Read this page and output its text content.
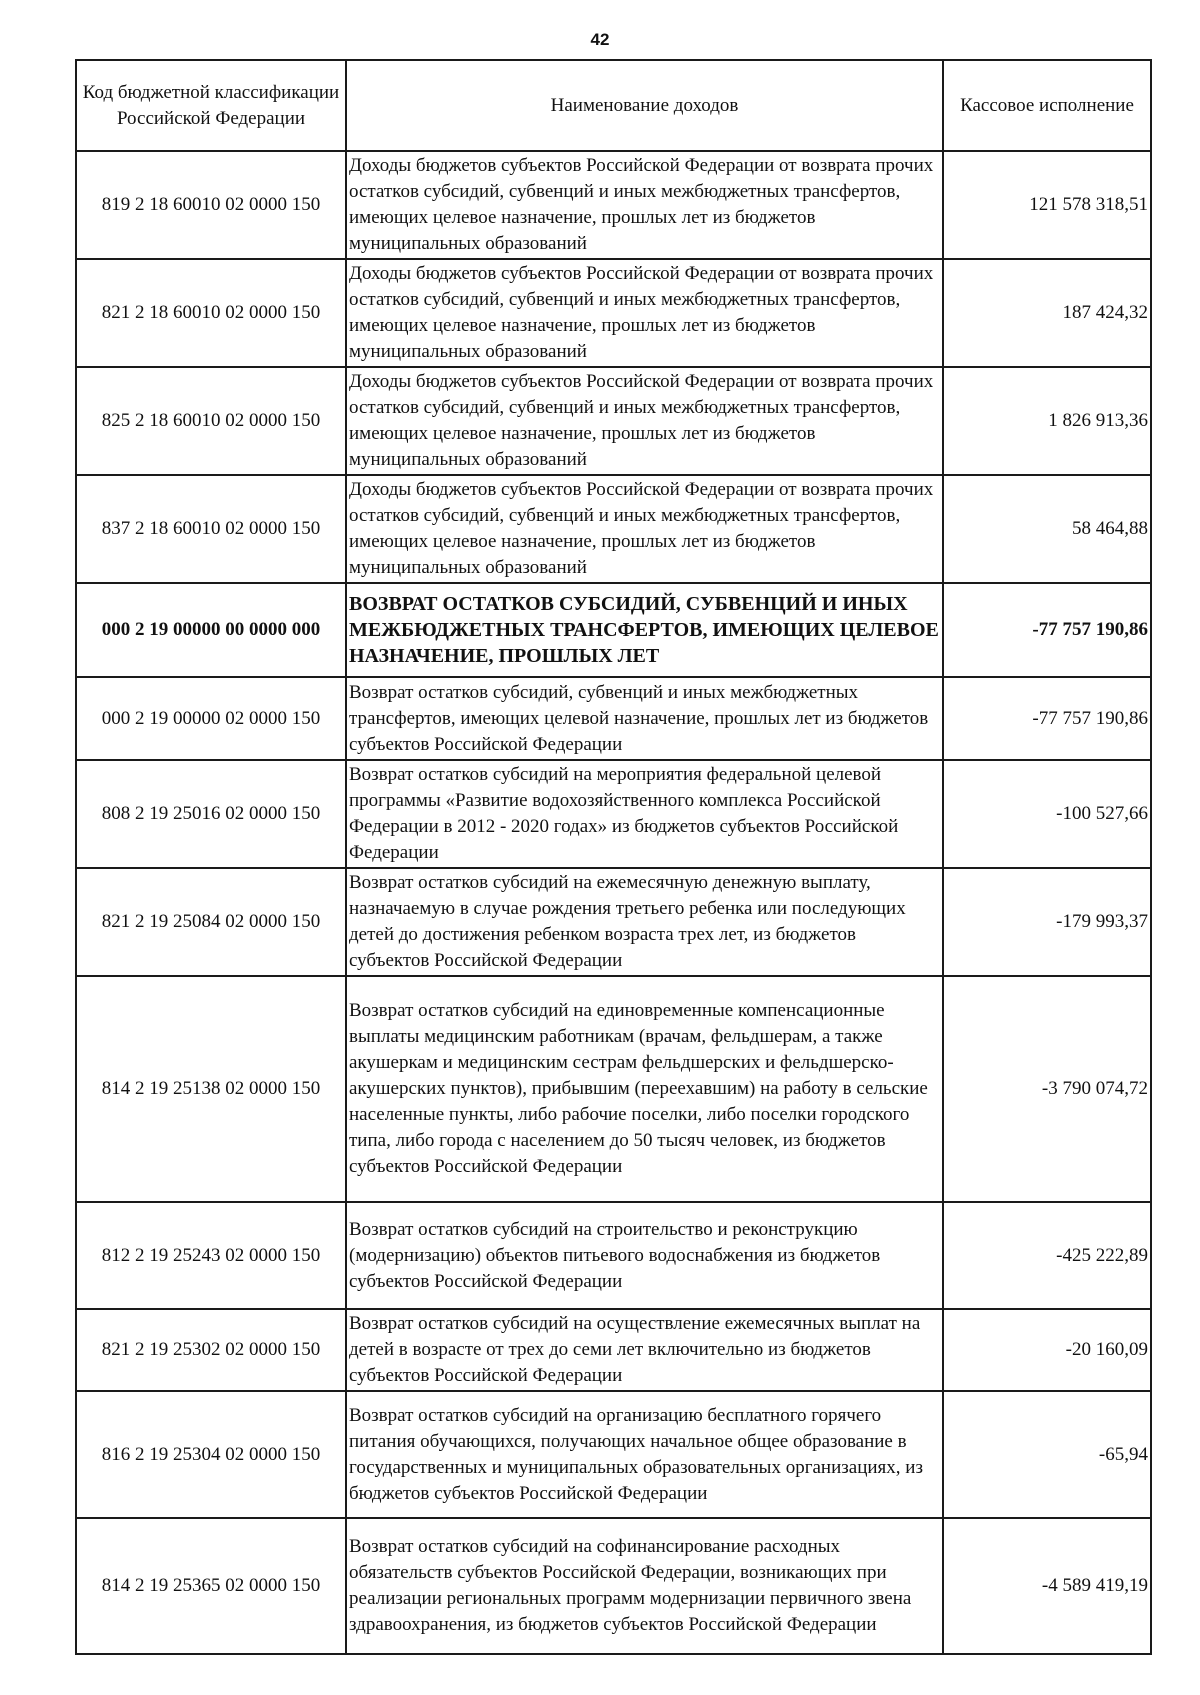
42
Код бюджетной классификации Российской Федерации	Наименование доходов	Кассовое исполнение
819 2 18 60010 02 0000 150	Доходы бюджетов субъектов Российской Федерации от возврата прочих остатков субсидий, субвенций и иных межбюджетных трансфертов, имеющих целевое назначение, прошлых лет из бюджетов муниципальных образований	121 578 318,51
821 2 18 60010 02 0000 150	Доходы бюджетов субъектов Российской Федерации от возврата прочих остатков субсидий, субвенций и иных межбюджетных трансфертов, имеющих целевое назначение, прошлых лет из бюджетов муниципальных образований	187 424,32
825 2 18 60010 02 0000 150	Доходы бюджетов субъектов Российской Федерации от возврата прочих остатков субсидий, субвенций и иных межбюджетных трансфертов, имеющих целевое назначение, прошлых лет из бюджетов муниципальных образований	1 826 913,36
837 2 18 60010 02 0000 150	Доходы бюджетов субъектов Российской Федерации от возврата прочих остатков субсидий, субвенций и иных межбюджетных трансфертов, имеющих целевое назначение, прошлых лет из бюджетов муниципальных образований	58 464,88
000 2 19 00000 00 0000 000	ВОЗВРАТ ОСТАТКОВ СУБСИДИЙ, СУБВЕНЦИЙ И ИНЫХ МЕЖБЮДЖЕТНЫХ ТРАНСФЕРТОВ, ИМЕЮЩИХ ЦЕЛЕВОЕ НАЗНАЧЕНИЕ, ПРОШЛЫХ ЛЕТ	-77 757 190,86
000 2 19 00000 02 0000 150	Возврат остатков субсидий, субвенций и иных межбюджетных трансфертов, имеющих целевой назначение, прошлых лет из бюджетов субъектов Российской Федерации	-77 757 190,86
808 2 19 25016 02 0000 150	Возврат остатков субсидий на мероприятия федеральной целевой программы «Развитие водохозяйственного комплекса Российской Федерации в 2012 - 2020 годах» из бюджетов субъектов Российской Федерации	-100 527,66
821 2 19 25084 02 0000 150	Возврат остатков субсидий на ежемесячную денежную выплату, назначаемую в случае рождения третьего ребенка или последующих детей до достижения ребенком возраста трех лет, из бюджетов субъектов Российской Федерации	-179 993,37
814 2 19 25138 02 0000 150	Возврат остатков субсидий на единовременные компенсационные выплаты медицинским работникам (врачам, фельдшерам, а также акушеркам и медицинским сестрам фельдшерских и фельдшерско-акушерских пунктов), прибывшим (переехавшим) на работу в сельские населенные пункты, либо рабочие поселки, либо поселки городского типа, либо города с населением до 50 тысяч человек, из бюджетов субъектов Российской Федерации	-3 790 074,72
812 2 19 25243 02 0000 150	Возврат остатков субсидий на строительство и реконструкцию (модернизацию) объектов питьевого водоснабжения из бюджетов субъектов Российской Федерации	-425 222,89
821 2 19 25302 02 0000 150	Возврат остатков субсидий на осуществление ежемесячных выплат на детей в возрасте от трех до семи лет включительно из бюджетов субъектов Российской Федерации	-20 160,09
816 2 19 25304 02 0000 150	Возврат остатков субсидий на организацию бесплатного горячего питания обучающихся, получающих начальное общее образование в государственных и муниципальных образовательных организациях, из бюджетов субъектов Российской Федерации	-65,94
814 2 19 25365 02 0000 150	Возврат остатков субсидий на софинансирование расходных обязательств субъектов Российской Федерации, возникающих при реализации региональных программ модернизации первичного звена здравоохранения, из бюджетов субъектов Российской Федерации	-4 589 419,19
